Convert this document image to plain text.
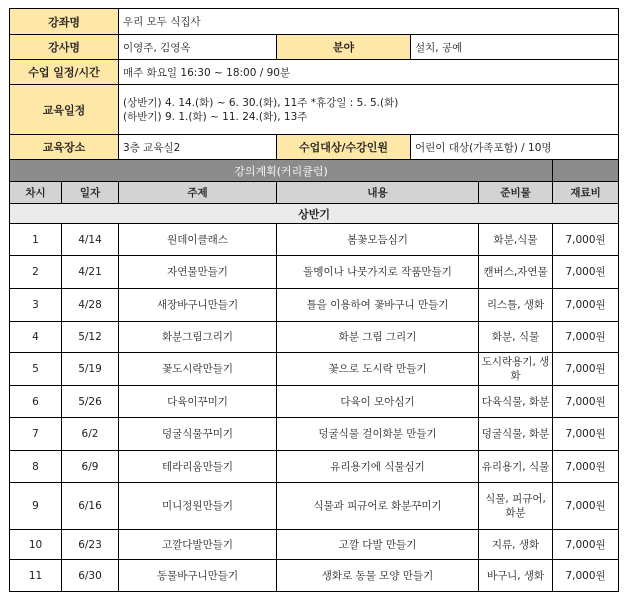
강좌명		우리 모두 식집사				
강사명		이영주, 김영옥	분야	설치, 공예		
수업 일정/시간		매주 화요일 16:30 ~ 18:00 / 90분				
교육일정		(상반기) 4. 14.(화) ~ 6. 30.(화), 11주 *휴강일 : 5. 5.(화)
(하반기) 9. 1.(화) ~ 11. 24.(화), 13주				

교육장소		3층 교육실2	수업대상/수강인원	어린이 대상(가족포함) / 10명		
강의계획(커리큘럼)						
차시	일자	주제	내용		준비물	재료비
상반기						
1	4/14	원데이클래스	봄꽃모듬심기		화분,식물	7,000원
2	4/21	자연물만들기	돌멩이나 나뭇가지로 작품만들기		캔버스,자연물	7,000원
3	4/28	새장바구니만들기	틀을 이용하여 꽃바구니 만들기		리스틀, 생화	7,000원
4	5/12	화분그림그리기	화분 그림 그리기		화분, 식물	7,000원
5	5/19	꽃도시락만들기	꽃으로 도시락 만들기		도시락용기, 생화	7,000원
6	5/26	다육이꾸미기	다육이 모아심기		다육식물, 화분	7,000원
7	6/2	덩굴식물꾸미기	덩굴식물 걸이화분 만들기		덩굴식물, 화분	7,000원
8	6/9	테라리움만들기	유리용기에 식물심기		유리용기, 식물	7,000원
9	6/16	미니정원만들기	식물과 피규어로 화분꾸미기		식물, 피규어, 화분	7,000원
10	6/23	고깔다발만들기	고깔 다발 만들기		지류, 생화	7,000원
11	6/30	동물바구니만들기	생화로 동물 모양 만들기		바구니, 생화	7,000원
